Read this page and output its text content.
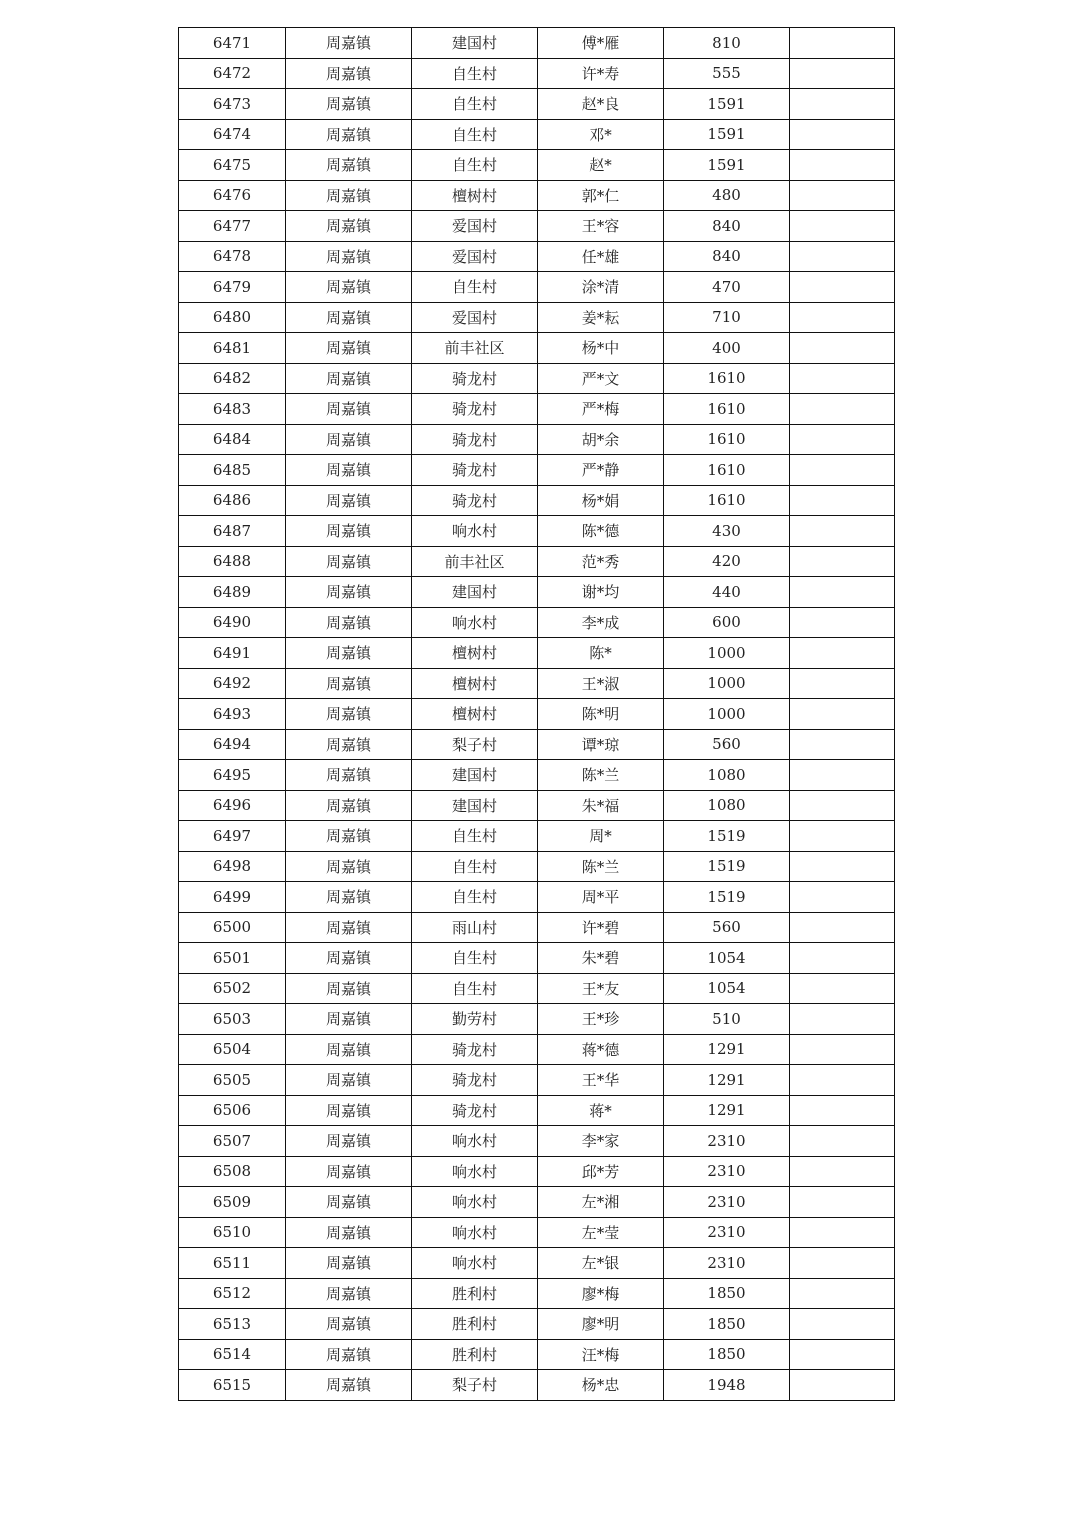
6471	周嘉镇	建国村	傅*雁	810	
6472	周嘉镇	自生村	许*寿	555	
6473	周嘉镇	自生村	赵*良	1591	
6474	周嘉镇	自生村	邓*	1591	
6475	周嘉镇	自生村	赵*	1591	
6476	周嘉镇	檀树村	郭*仁	480	
6477	周嘉镇	爱国村	王*容	840	
6478	周嘉镇	爱国村	任*雄	840	
6479	周嘉镇	自生村	涂*清	470	
6480	周嘉镇	爱国村	姜*耘	710	
6481	周嘉镇	前丰社区	杨*中	400	
6482	周嘉镇	骑龙村	严*文	1610	
6483	周嘉镇	骑龙村	严*梅	1610	
6484	周嘉镇	骑龙村	胡*余	1610	
6485	周嘉镇	骑龙村	严*静	1610	
6486	周嘉镇	骑龙村	杨*娟	1610	
6487	周嘉镇	响水村	陈*德	430	
6488	周嘉镇	前丰社区	范*秀	420	
6489	周嘉镇	建国村	谢*均	440	
6490	周嘉镇	响水村	李*成	600	
6491	周嘉镇	檀树村	陈*	1000	
6492	周嘉镇	檀树村	王*淑	1000	
6493	周嘉镇	檀树村	陈*明	1000	
6494	周嘉镇	梨子村	谭*琼	560	
6495	周嘉镇	建国村	陈*兰	1080	
6496	周嘉镇	建国村	朱*福	1080	
6497	周嘉镇	自生村	周*	1519	
6498	周嘉镇	自生村	陈*兰	1519	
6499	周嘉镇	自生村	周*平	1519	
6500	周嘉镇	雨山村	许*碧	560	
6501	周嘉镇	自生村	朱*碧	1054	
6502	周嘉镇	自生村	王*友	1054	
6503	周嘉镇	勤劳村	王*珍	510	
6504	周嘉镇	骑龙村	蒋*德	1291	
6505	周嘉镇	骑龙村	王*华	1291	
6506	周嘉镇	骑龙村	蒋*	1291	
6507	周嘉镇	响水村	李*家	2310	
6508	周嘉镇	响水村	邱*芳	2310	
6509	周嘉镇	响水村	左*湘	2310	
6510	周嘉镇	响水村	左*莹	2310	
6511	周嘉镇	响水村	左*银	2310	
6512	周嘉镇	胜利村	廖*梅	1850	
6513	周嘉镇	胜利村	廖*明	1850	
6514	周嘉镇	胜利村	汪*梅	1850	
6515	周嘉镇	梨子村	杨*忠	1948	
